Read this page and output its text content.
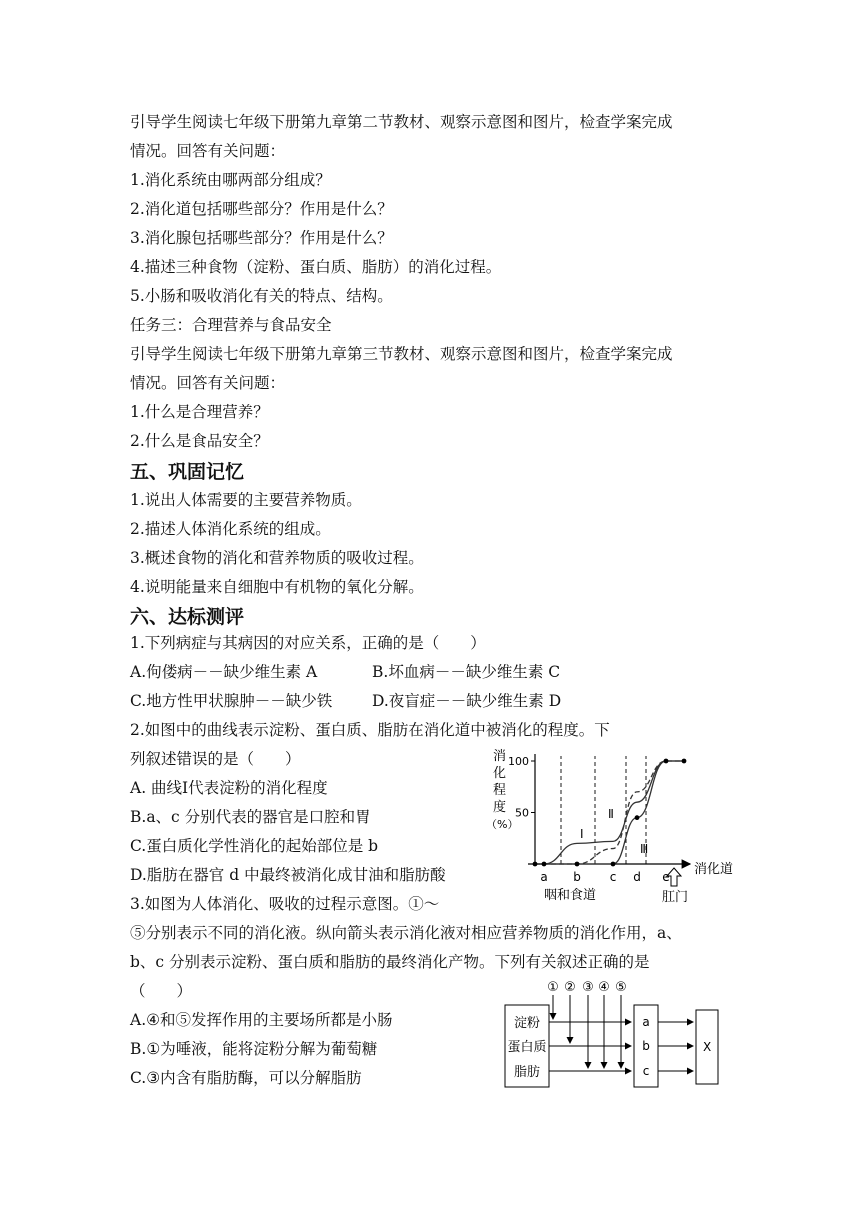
引导学生阅读七年级下册第九章第二节教材、观察示意图和图片，检查学案完成
情况。回答有关问题：
1.消化系统由哪两部分组成？
2.消化道包括哪些部分？作用是什么？
3.消化腺包括哪些部分？作用是什么？
4.描述三种食物（淀粉、蛋白质、脂肪）的消化过程。
5.小肠和吸收消化有关的特点、结构。
任务三：合理营养与食品安全
引导学生阅读七年级下册第九章第三节教材、观察示意图和图片，检查学案完成
情况。回答有关问题：
1.什么是合理营养？
2.什么是食品安全？
五、巩固记忆
1.说出人体需要的主要营养物质。
2.描述人体消化系统的组成。
3.概述食物的消化和营养物质的吸收过程。
4.说明能量来自细胞中有机物的氧化分解。
六、达标测评
1.下列病症与其病因的对应关系，正确的是（　　）
A.佝偻病－－缺少维生素 A	B.坏血病－－缺少维生素 C
C.地方性甲状腺肿－－缺少铁	D.夜盲症－－缺少维生素 D
2.如图中的曲线表示淀粉、蛋白质、脂肪在消化道中被消化的程度。下
列叙述错误的是（　　）
A. 曲线Ⅰ代表淀粉的消化程度
B.a、c 分别代表的器官是口腔和胃
C.蛋白质化学性消化的起始部位是 b
D.脂肪在器官 d 中最终被消化成甘油和脂肪酸
3.如图为人体消化、吸收的过程示意图。①～
⑤分别表示不同的消化液。纵向箭头表示消化液对相应营养物质的消化作用，a、
b、c 分别表示淀粉、蛋白质和脂肪的最终消化产物。下列有关叙述正确的是
（　　）
A.④和⑤发挥作用的主要场所都是小肠
B.①为唾液，能将淀粉分解为葡萄糖
C.③内含有脂肪酶，可以分解脂肪
消化程度（%）
50
100
Ⅰ
Ⅱ
Ⅲ
a b c d e 消化道
咽和食道	肛门
① ② ③ ④ ⑤
淀粉
蛋白质
脂肪
a
b
c
X
